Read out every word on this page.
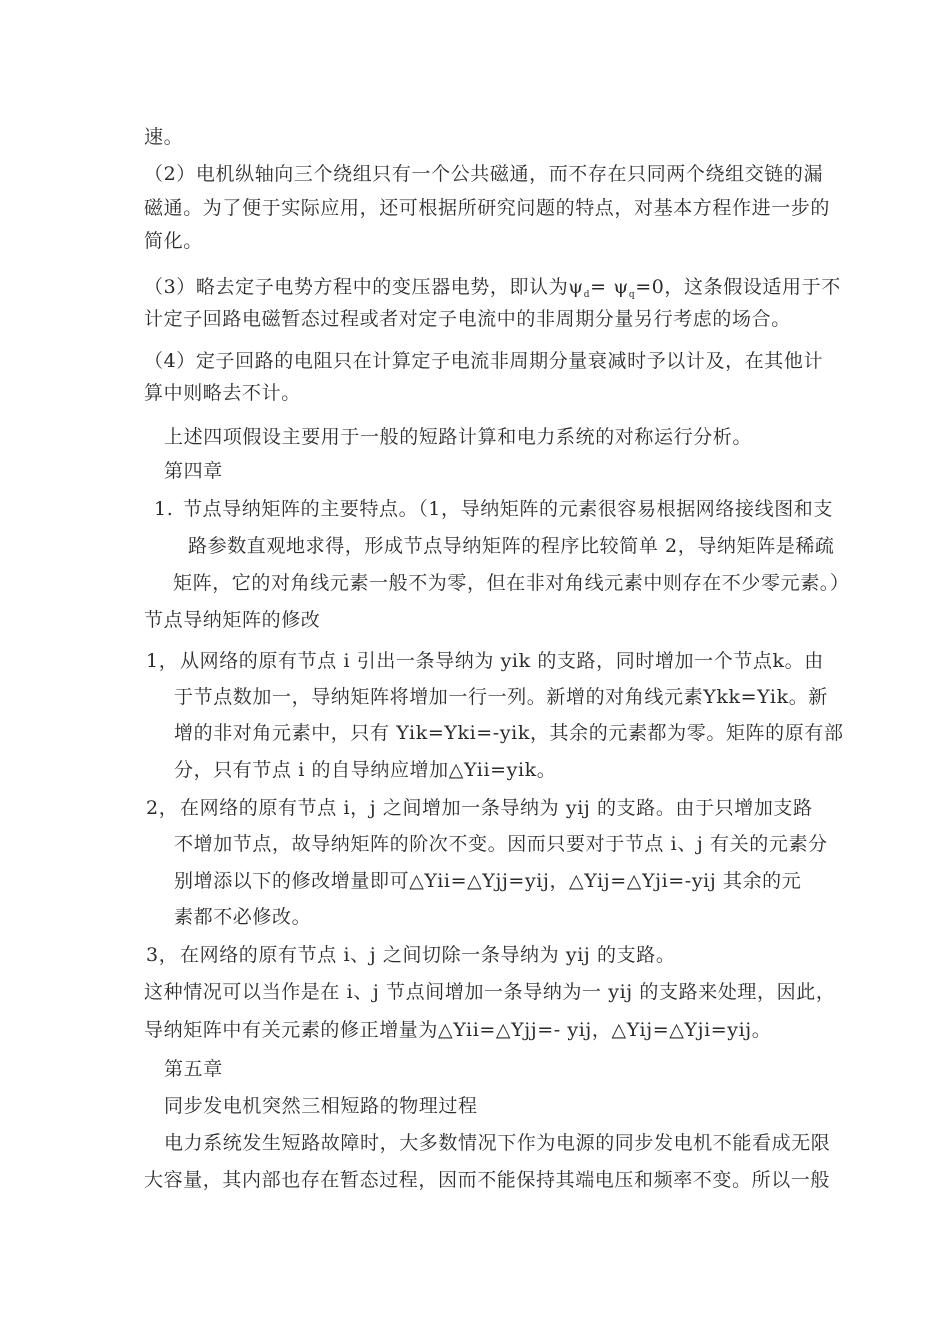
速。
（2）电机纵轴向三个绕组只有一个公共磁通，而不存在只同两个绕组交链的漏
磁通。为了便于实际应用，还可根据所研究问题的特点，对基本方程作进一步的
简化。
（3）略去定子电势方程中的变压器电势，即认为$\psi_d= \psi_q=0$，这条假设适用于不
计定子回路电磁暂态过程或者对定子电流中的非周期分量另行考虑的场合。
（4）定子回路的电阻只在计算定子电流非周期分量衰减时予以计及，在其他计
算中则略去不计。
上述四项假设主要用于一般的短路计算和电力系统的对称运行分析。
第四章
1. 节点导纳矩阵的主要特点。（1，导纳矩阵的元素很容易根据网络接线图和支
路参数直观地求得，形成节点导纳矩阵的程序比较简单 2，导纳矩阵是稀疏
矩阵，它的对角线元素一般不为零，但在非对角线元素中则存在不少零元素。）
节点导纳矩阵的修改
1， 从网络的原有节点 i 引出一条导纳为 yik 的支路，同时增加一个节点k。由
于节点数加一，导纳矩阵将增加一行一列。新增的对角线元素Ykk=Yik。新
增的非对角元素中，只有 Yik=Yki=-yik，其余的元素都为零。矩阵的原有部
分，只有节点 i 的自导纳应增加△Yii=yik。
2， 在网络的原有节点 i，j 之间增加一条导纳为 yij 的支路。由于只增加支路
不增加节点，故导纳矩阵的阶次不变。因而只要对于节点 i、j 有关的元素分
别增添以下的修改增量即可△Yii=△Yjj=yij，△Yij=△Yji=-yij 其余的元
素都不必修改。
3， 在网络的原有节点 i、j 之间切除一条导纳为 yij 的支路。
这种情况可以当作是在 i、j 节点间增加一条导纳为一 yij 的支路来处理，因此，
导纳矩阵中有关元素的修正增量为△Yii=△Yjj=- yij，△Yij=△Yji=yij。
第五章
同步发电机突然三相短路的物理过程
电力系统发生短路故障时，大多数情况下作为电源的同步发电机不能看成无限
大容量，其内部也存在暂态过程，因而不能保持其端电压和频率不变。所以一般
